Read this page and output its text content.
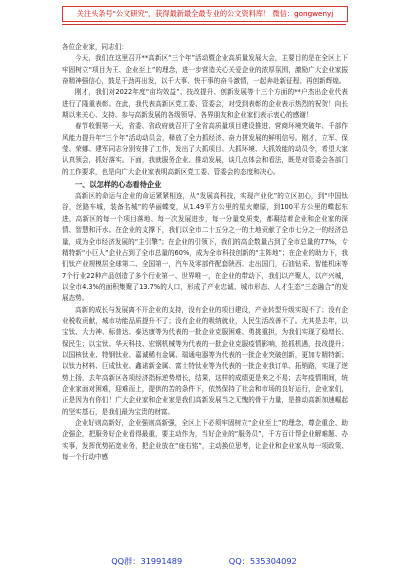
关注头条号"公文研究"，获得最新最全最专业的公文资料库！ 微信：gongwenyj

各位企业家，同志们：

今天，我们在这里召开**高新区“三个年”活动暨企业高质量发展大会，主要目的是在全区上下牢固树立“项目为王、企业至上”的理念，进一步营造关心关爱企业的浓厚氛围，激励广大企业家振奋精神强信心，鼓足干劲再出发，以千大事、快干事的奋斗激情，一起奔赴新征程、再创新辉煌。

刚才，我们对2022年度“亩均效益”、技改提升、创新发展等十三个方面的**户杰出企业代表进行了隆重表彰。在此，我代表高新区党工委、管委会，对受到表彰的企业表示热烈的祝贺！向长期以来关心、支持、参与高新发展的各级领导、各界朋友和企业家们表示衷心的感谢！

春节收假第一天，省委、省政府就召开了全省高质量项目建设推进、营商环境突破年、千部作风能力提升年“三个年”活动动员会，释放了全力抓经济、奋力拼发展的鲜明信号。刚才，立军、保莹、荣娜、建军同志分别安排了工作，发出了大抓项目、大抓环境、大抓效能的动员令，希望大家认真领会，抓好落实。下面，我就服务企业、推动发展，谈几点体会和看法，既是对管委会各部门的工作要求，也是向广大企业家表明高新区党工委、管委会的态度和决心。

一、以怎样的心态看待企业

高新区的命运与企业的命运紧紧相连，从“发展高科技，实现产业化”的立区初心，到“中国钛谷，丝路车城，装备名城”的华丽蝶变，从1.49平方公里的星火燎原，到100平方公里的蝶起东进，高新区的每一个项目落地、每一次发展进步，每一分量变质变，都凝结着企业和企业家的深情、智慧和汗水。在企业的支撑下，我们以全市二十五分之一的土地贡献了全市七分之一的经济总量，成为全市经济发展的“主引擎”；在企业的引领下，我们的高企数量占到了全市总量的77%，专精特新“小巨人”企业占到了全市总量的60%，成为全市科技创新的“主阵地”；在企业的助力下，我们钛产业规模居全球第二、全国第一，汽车及零部件配套陕西、走出国门，石油钻采、智能机床等7个行业22种产品创造了多个行业第一、世界唯一，在企业的带动下，我们以产聚人，以产兴城，以全市4.3%的面积集聚了13.7%的人口，形成了产业忠诚、城市形态、人才生态“三态融合”的发展态势。

高新的成长与发展离不开企业的支持，没有企业的项目建设，产业转型升级实现不了；没有企业税收贡献，城市功能品质提升不了；没有企业的吸纳就业，人民生活改善不了。尤其是去年，以宝钛、大力神、标普达、泰达康等为代表的一批企业克服困难、勇挑重担，为我们实现了稳增长、保民生；以宝钛、华天科技、宏钢机械等为代表的一批企业克服疫情影响，抢抓机遇，技改提升；以国核钛业、特钢钛业、嘉诚稀有金属、瑞通电器等为代表的一批企业突破创新，更加专精特新；以钛力材料、巨成钛业、鑫诺新金属、富士特钛业等为代表的一批企业我订单、拓销路，实现了逆势上扬，去年高新区各项经济指标逆势增长，结果，这样的成绩更是来之不易；去年疫情期间，统企业家面对困难，迎难而上，提供的苦的条件下，依然保持了社会和市场的良好运行，企业家们，正是因为有你们！广大企业家和企业家是我们高新发展当之无愧的骨干力量，是推动高新加速崛起的坚实基石，是我们最为宝贵的财富。

企业好则高新好，企业强则高新强，全区上下必须牢固树立“企业至上”的理念，尊企重企、助企强企，把服务好企业看得最重，要主动作为，当好企业的“服务员”，千方百计帮企业解难题、办实事，发挥优势拓宽业务，把企业放在“座右铭”，主动换位思考，让企业和企业家从每一项政策、每一个行动中感

QQ群：31991489	QQ：535304092
